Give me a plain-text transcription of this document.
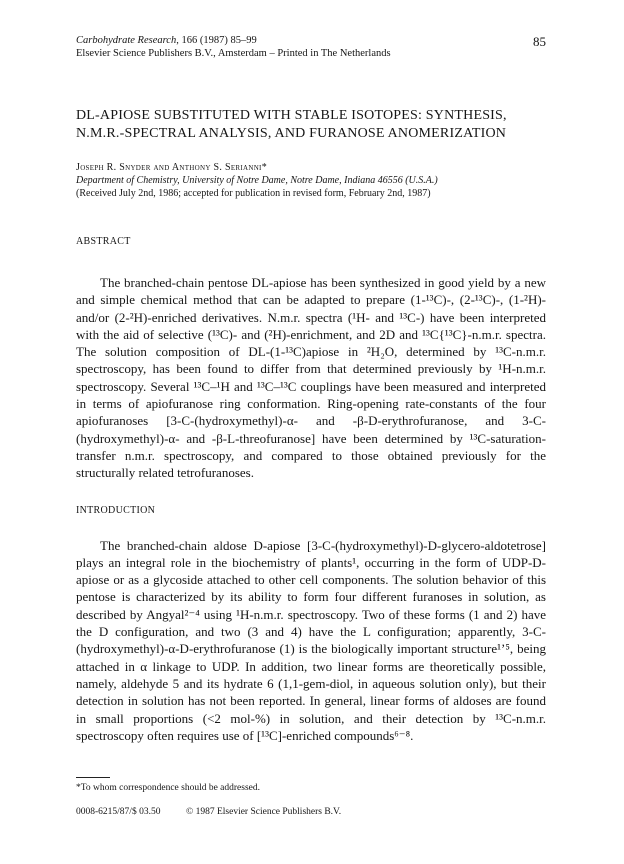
85
Carbohydrate Research, 166 (1987) 85–99
Elsevier Science Publishers B.V., Amsterdam – Printed in The Netherlands
DL-APIOSE SUBSTITUTED WITH STABLE ISOTOPES: SYNTHESIS, N.M.R.-SPECTRAL ANALYSIS, AND FURANOSE ANOMERIZATION
Joseph R. Snyder and Anthony S. Serianni*
Department of Chemistry, University of Notre Dame, Notre Dame, Indiana 46556 (U.S.A.)
(Received July 2nd, 1986; accepted for publication in revised form, February 2nd, 1987)
ABSTRACT

The branched-chain pentose DL-apiose has been synthesized in good yield by a new and simple chemical method that can be adapted to prepare (1-¹³C)-, (2-¹³C)-, (1-²H)- and/or (2-²H)-enriched derivatives. N.m.r. spectra (¹H- and ¹³C-) have been interpreted with the aid of selective (¹³C)- and (²H)-enrichment, and 2D and ¹³C{¹³C}-n.m.r. spectra. The solution composition of DL-(1-¹³C)apiose in ²H₂O, determined by ¹³C-n.m.r. spectroscopy, has been found to differ from that determined previously by ¹H-n.m.r. spectroscopy. Several ¹³C–¹H and ¹³C–¹³C couplings have been measured and interpreted in terms of apiofuranose ring conformation. Ring-opening rate-constants of the four apiofuranoses [3-C-(hydroxymethyl)-α- and -β-D-erythrofuranose, and 3-C-(hydroxymethyl)-α- and -β-L-threofuranose] have been determined by ¹³C-saturation-transfer n.m.r. spectroscopy, and compared to those obtained previously for the structurally related tetrofuranoses.

INTRODUCTION

The branched-chain aldose D-apiose [3-C-(hydroxymethyl)-D-glycero-aldotetrose] plays an integral role in the biochemistry of plants¹, occurring in the form of UDP-D-apiose or as a glycoside attached to other cell components. The solution behavior of this pentose is characterized by its ability to form four different furanoses in solution, as described by Angyal²⁻⁴ using ¹H-n.m.r. spectroscopy. Two of these forms (1 and 2) have the D configuration, and two (3 and 4) have the L configuration; apparently, 3-C-(hydroxymethyl)-α-D-erythrofuranose (1) is the biologically important structure¹ʼ⁵, being attached in α linkage to UDP. In addition, two linear forms are theoretically possible, namely, aldehyde 5 and its hydrate 6 (1,1-gem-diol, in aqueous solution only), but their detection in solution has not been reported. In general, linear forms of aldoses are found in small proportions (<2 mol-%) in solution, and their detection by ¹³C-n.m.r. spectroscopy often requires use of [¹³C]-enriched compounds⁶⁻⁸.

*To whom correspondence should be addressed.
0008-6215/87/$ 03.50	© 1987 Elsevier Science Publishers B.V.
